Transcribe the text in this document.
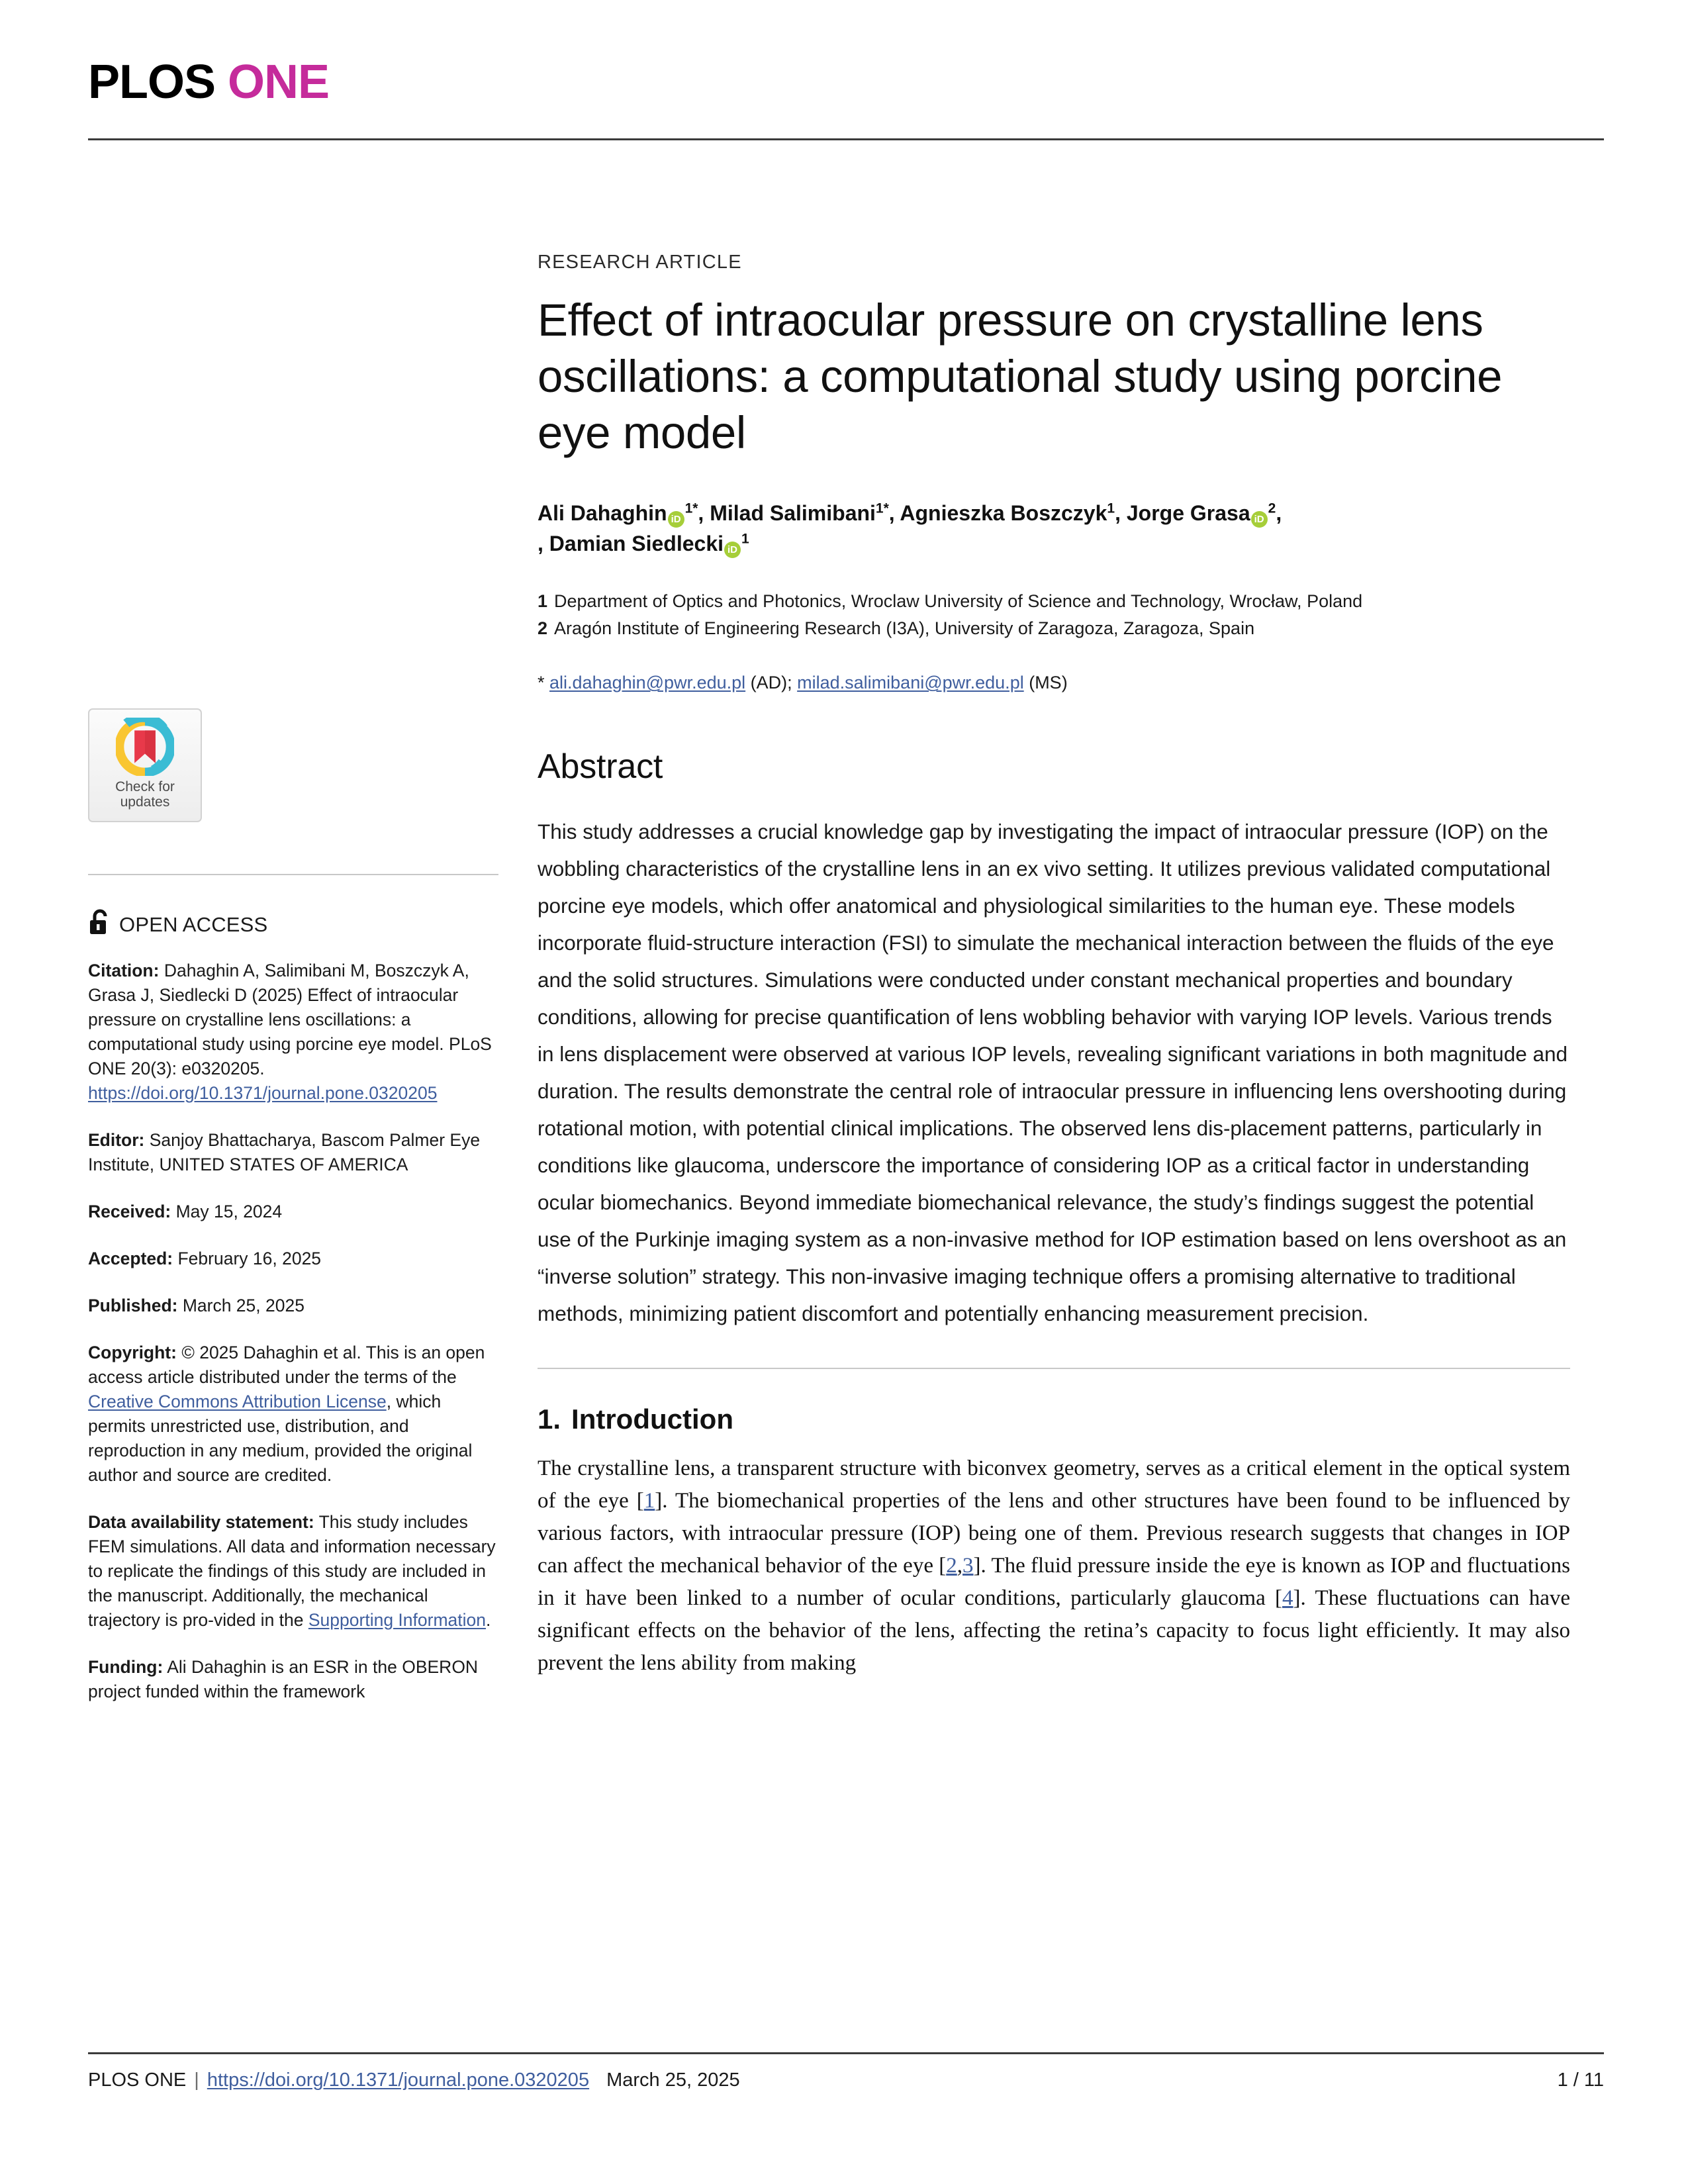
PLOS ONE
Check for
updates
OPEN ACCESS
Citation: Dahaghin A, Salimibani M, Boszczyk A, Grasa J, Siedlecki D (2025) Effect of intraocular pressure on crystalline lens oscillations: a computational study using porcine eye model. PLoS ONE 20(3): e0320205. https://doi.org/10.1371/journal.pone.0320205
Editor: Sanjoy Bhattacharya, Bascom Palmer Eye Institute, UNITED STATES OF AMERICA
Received: May 15, 2024
Accepted: February 16, 2025
Published: March 25, 2025
Copyright: © 2025 Dahaghin et al. This is an open access article distributed under the terms of the Creative Commons Attribution License, which permits unrestricted use, distribution, and reproduction in any medium, provided the original author and source are credited.
Data availability statement: This study includes FEM simulations. All data and information necessary to replicate the findings of this study are included in the manuscript. Additionally, the mechanical trajectory is pro-vided in the Supporting Information.
Funding: Ali Dahaghin is an ESR in the OBERON project funded within the framework
RESEARCH ARTICLE
Effect of intraocular pressure on crystalline lens oscillations: a computational study using porcine eye model
Ali Dahaghin $iD^{1*}$, Milad Salimibani$^{1*}$, Agnieszka Boszczyk$^1$, Jorge Grasa $iD^2$,
, Damian Siedlecki $iD^1$
1 Department of Optics and Photonics, Wroclaw University of Science and Technology, Wrocław, Poland
2 Aragón Institute of Engineering Research (I3A), University of Zaragoza, Zaragoza, Spain
* ali.dahaghin@pwr.edu.pl (AD); milad.salimibani@pwr.edu.pl (MS)
Abstract

This study addresses a crucial knowledge gap by investigating the impact of intraocular pressure (IOP) on the wobbling characteristics of the crystalline lens in an ex vivo setting. It utilizes previous validated computational porcine eye models, which offer anatomical and physiological similarities to the human eye. These models incorporate fluid-structure interaction (FSI) to simulate the mechanical interaction between the fluids of the eye and the solid structures. Simulations were conducted under constant mechanical properties and boundary conditions, allowing for precise quantification of lens wobbling behavior with varying IOP levels. Various trends in lens displacement were observed at various IOP levels, revealing significant variations in both magnitude and duration. The results demonstrate the central role of intraocular pressure in influencing lens overshooting during rotational motion, with potential clinical implications. The observed lens dis-placement patterns, particularly in conditions like glaucoma, underscore the importance of considering IOP as a critical factor in understanding ocular biomechanics. Beyond immediate biomechanical relevance, the study’s findings suggest the potential use of the Purkinje imaging system as a non-invasive method for IOP estimation based on lens overshoot as an “inverse solution” strategy. This non-invasive imaging technique offers a promising alternative to traditional methods, minimizing patient discomfort and potentially enhancing measurement precision.

1. Introduction

The crystalline lens, a transparent structure with biconvex geometry, serves as a critical element in the optical system of the eye [1]. The biomechanical properties of the lens and other structures have been found to be influenced by various factors, with intraocular pressure (IOP) being one of them. Previous research suggests that changes in IOP can affect the mechanical behavior of the eye [2,3]. The fluid pressure inside the eye is known as IOP and fluctuations in it have been linked to a number of ocular conditions, particularly glaucoma [4]. These fluctuations can have significant effects on the behavior of the lens, affecting the retina’s capacity to focus light efficiently. It may also prevent the lens ability from making

PLOS ONE | https://doi.org/10.1371/journal.pone.0320205 March 25, 2025	1 / 11
